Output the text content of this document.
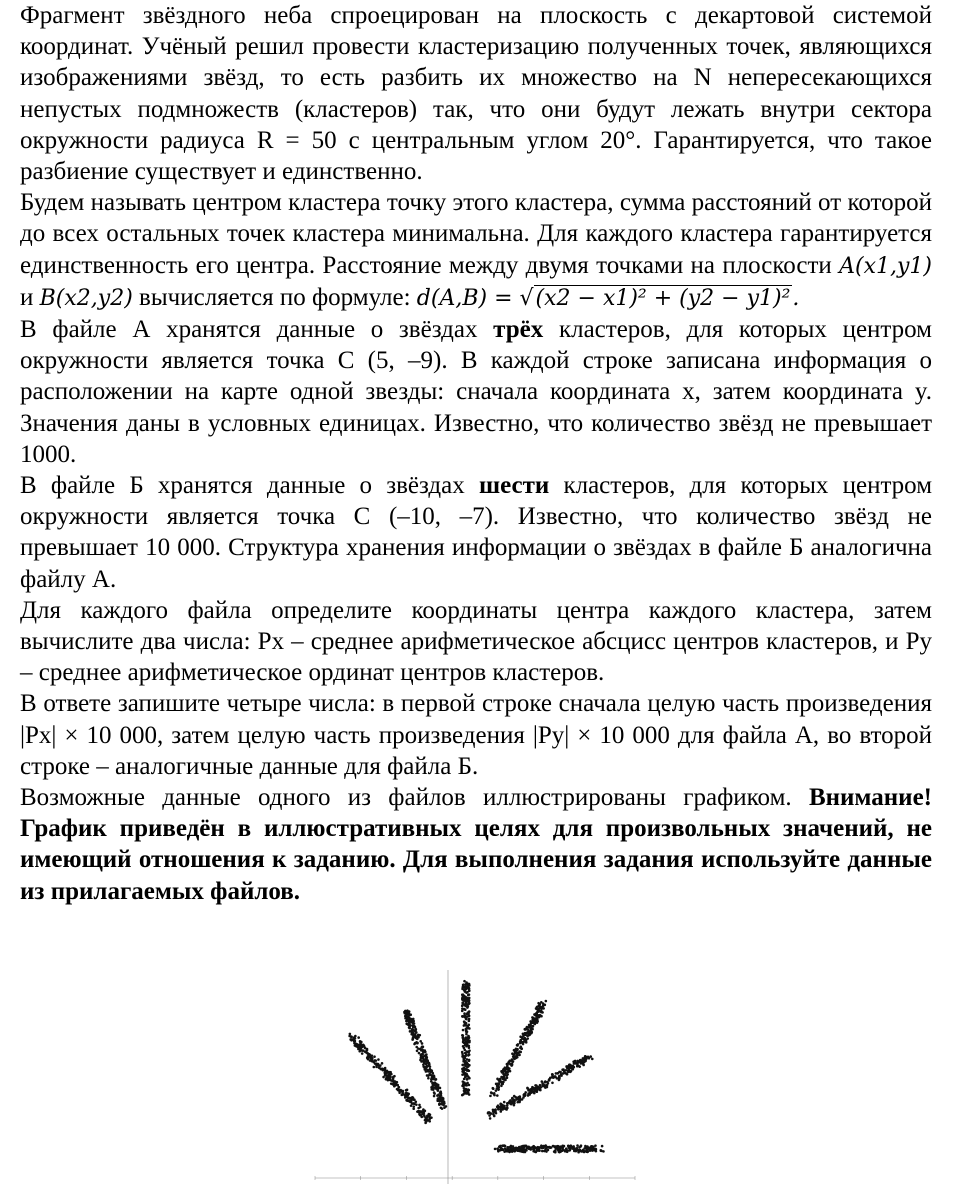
Фрагмент звёздного неба спроецирован на плоскость с декартовой системой координат. Учёный решил провести кластеризацию полученных точек, являющихся изображениями звёзд, то есть разбить их множество на N непересекающихся непустых подмножеств (кластеров) так, что они будут лежать внутри сектора окружности радиуса R = 50 с центральным углом 20°. Гарантируется, что такое разбиение существует и единственно.

Будем называть центром кластера точку этого кластера, сумма расстояний от которой до всех остальных точек кластера минимальна. Для каждого кластера гарантируется единственность его центра. Расстояние между двумя точками на плоскости A(x1,y1) и B(x2,y2) вычисляется по формуле: d(A,B) = √(x2 − x1)² + (y2 − y1)².

В файле А хранятся данные о звёздах трёх кластеров, для которых центром окружности является точка C (5, –9). В каждой строке записана информация о расположении на карте одной звезды: сначала координата x, затем координата y. Значения даны в условных единицах. Известно, что количество звёзд не превышает 1000.

В файле Б хранятся данные о звёздах шести кластеров, для которых центром окружности является точка C (–10, –7). Известно, что количество звёзд не превышает 10 000. Структура хранения информации о звёздах в файле Б аналогична файлу А.

Для каждого файла определите координаты центра каждого кластера, затем вычислите два числа: Px – среднее арифметическое абсцисс центров кластеров, и Py – среднее арифметическое ординат центров кластеров.

В ответе запишите четыре числа: в первой строке сначала целую часть произведения |Px| × 10 000, затем целую часть произведения |Py| × 10 000 для файла А, во второй строке – аналогичные данные для файла Б.

Возможные данные одного из файлов иллюстрированы графиком. Внимание! График приведён в иллюстративных целях для произвольных значений, не имеющий отношения к заданию. Для выполнения задания используйте данные из прилагаемых файлов.
